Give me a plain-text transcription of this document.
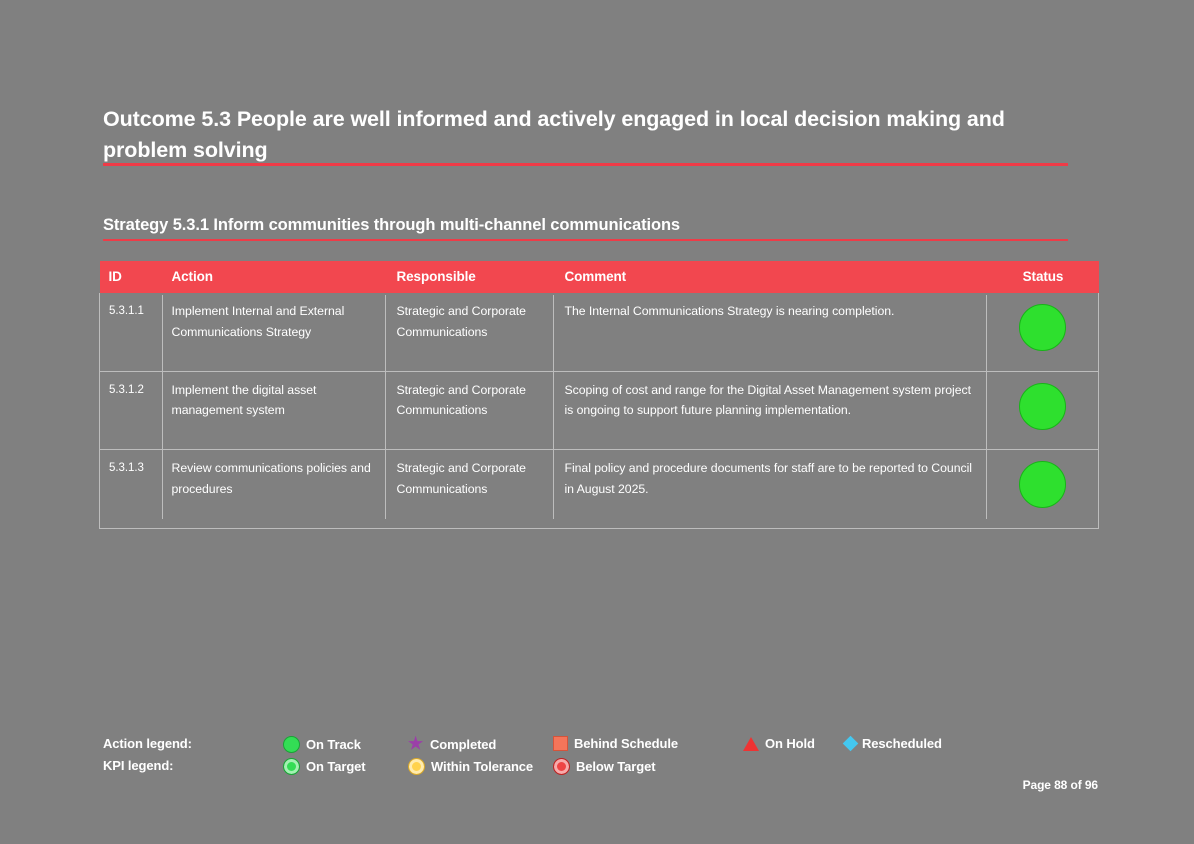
Outcome 5.3 People are well informed and actively engaged in local decision making and problem solving
Strategy 5.3.1 Inform communities through multi-channel communications
ID	Action	Responsible	Comment	Status
5.3.1.1	Implement Internal and External Communications Strategy	Strategic and Corporate Communications	The Internal Communications Strategy is nearing completion.	
5.3.1.2	Implement the digital asset management system	Strategic and Corporate Communications	Scoping of cost and range for the Digital Asset Management system project is ongoing to support future planning implementation.	
5.3.1.3	Review communications policies and procedures	Strategic and Corporate Communications	Final policy and procedure documents for staff are to be reported to Council in August 2025.	
Action legend:	On Track	★ Completed	Behind Schedule	On Hold	Rescheduled
KPI legend:	On Target	Within Tolerance	Below Target
Page 88 of 96
